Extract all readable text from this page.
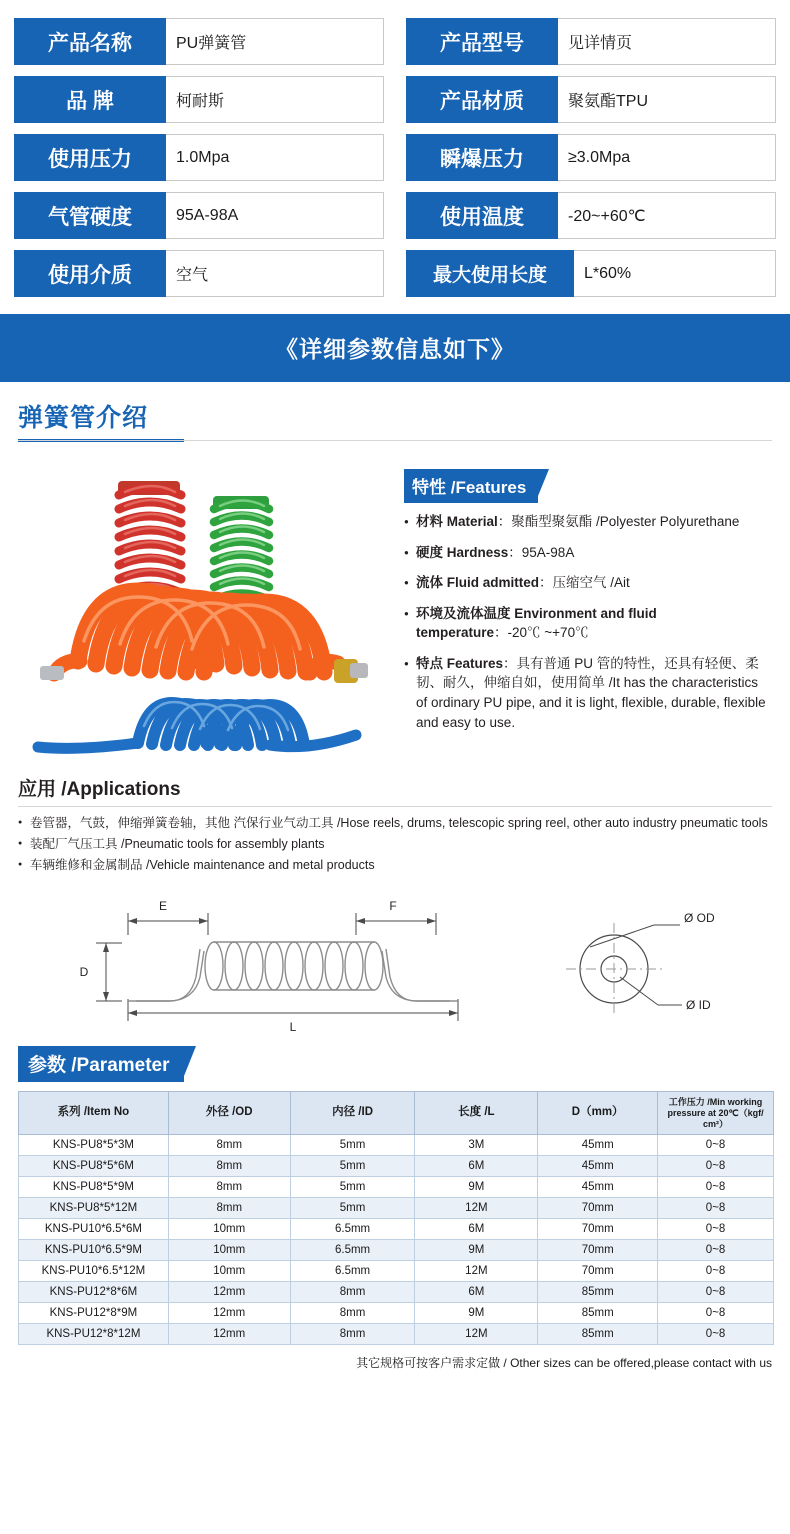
产品名称	PU弹簧管	产品型号	见详情页
品 牌	柯耐斯	产品材质	聚氨酯TPU
使用压力	1.0Mpa	瞬爆压力	≥3.0Mpa
气管硬度	95A-98A	使用温度	-20~+60℃
使用介质	空气	最大使用长度	L*60%
《详细参数信息如下》
弹簧管介绍
特性 /Features
● 材料 Material：聚酯型聚氨酯 /Polyester Polyurethane
● 硬度 Hardness：95A-98A
● 流体 Fluid admitted：压缩空气 /Ait
● 环境及流体温度 Environment and fluid temperature：-20℃ ~+70℃
● 特点 Features：具有普通 PU 管的特性，还具有轻便、柔韧、耐久，伸缩自如，使用简单 /It has the characteristics of ordinary PU pipe, and it is light, flexible, durable, flexible and easy to use.
应用 /Applications
● 卷管器，气鼓，伸缩弹簧卷轴，其他 汽保行业气动工具 /Hose reels, drums, telescopic spring reel, other auto industry pneumatic tools
● 装配厂气压工具 /Pneumatic tools for assembly plants
● 车辆维修和金属制品 /Vehicle maintenance and metal products
E	F
D
L
Ø OD
Ø ID
参数 /Parameter
系列 /Item No	外径 /OD	内径 /ID	长度 /L	D（mm）	工作压力 /Min working
pressure at 20℃（kgf/
cm²）
KNS-PU8*5*3M	8mm	5mm	3M	45mm	0~8
KNS-PU8*5*6M	8mm	5mm	6M	45mm	0~8
KNS-PU8*5*9M	8mm	5mm	9M	45mm	0~8
KNS-PU8*5*12M	8mm	5mm	12M	70mm	0~8
KNS-PU10*6.5*6M	10mm	6.5mm	6M	70mm	0~8
KNS-PU10*6.5*9M	10mm	6.5mm	9M	70mm	0~8
KNS-PU10*6.5*12M	10mm	6.5mm	12M	70mm	0~8
KNS-PU12*8*6M	12mm	8mm	6M	85mm	0~8
KNS-PU12*8*9M	12mm	8mm	9M	85mm	0~8
KNS-PU12*8*12M	12mm	8mm	12M	85mm	0~8
其它规格可按客户需求定做 / Other sizes can be offered,please contact with us
